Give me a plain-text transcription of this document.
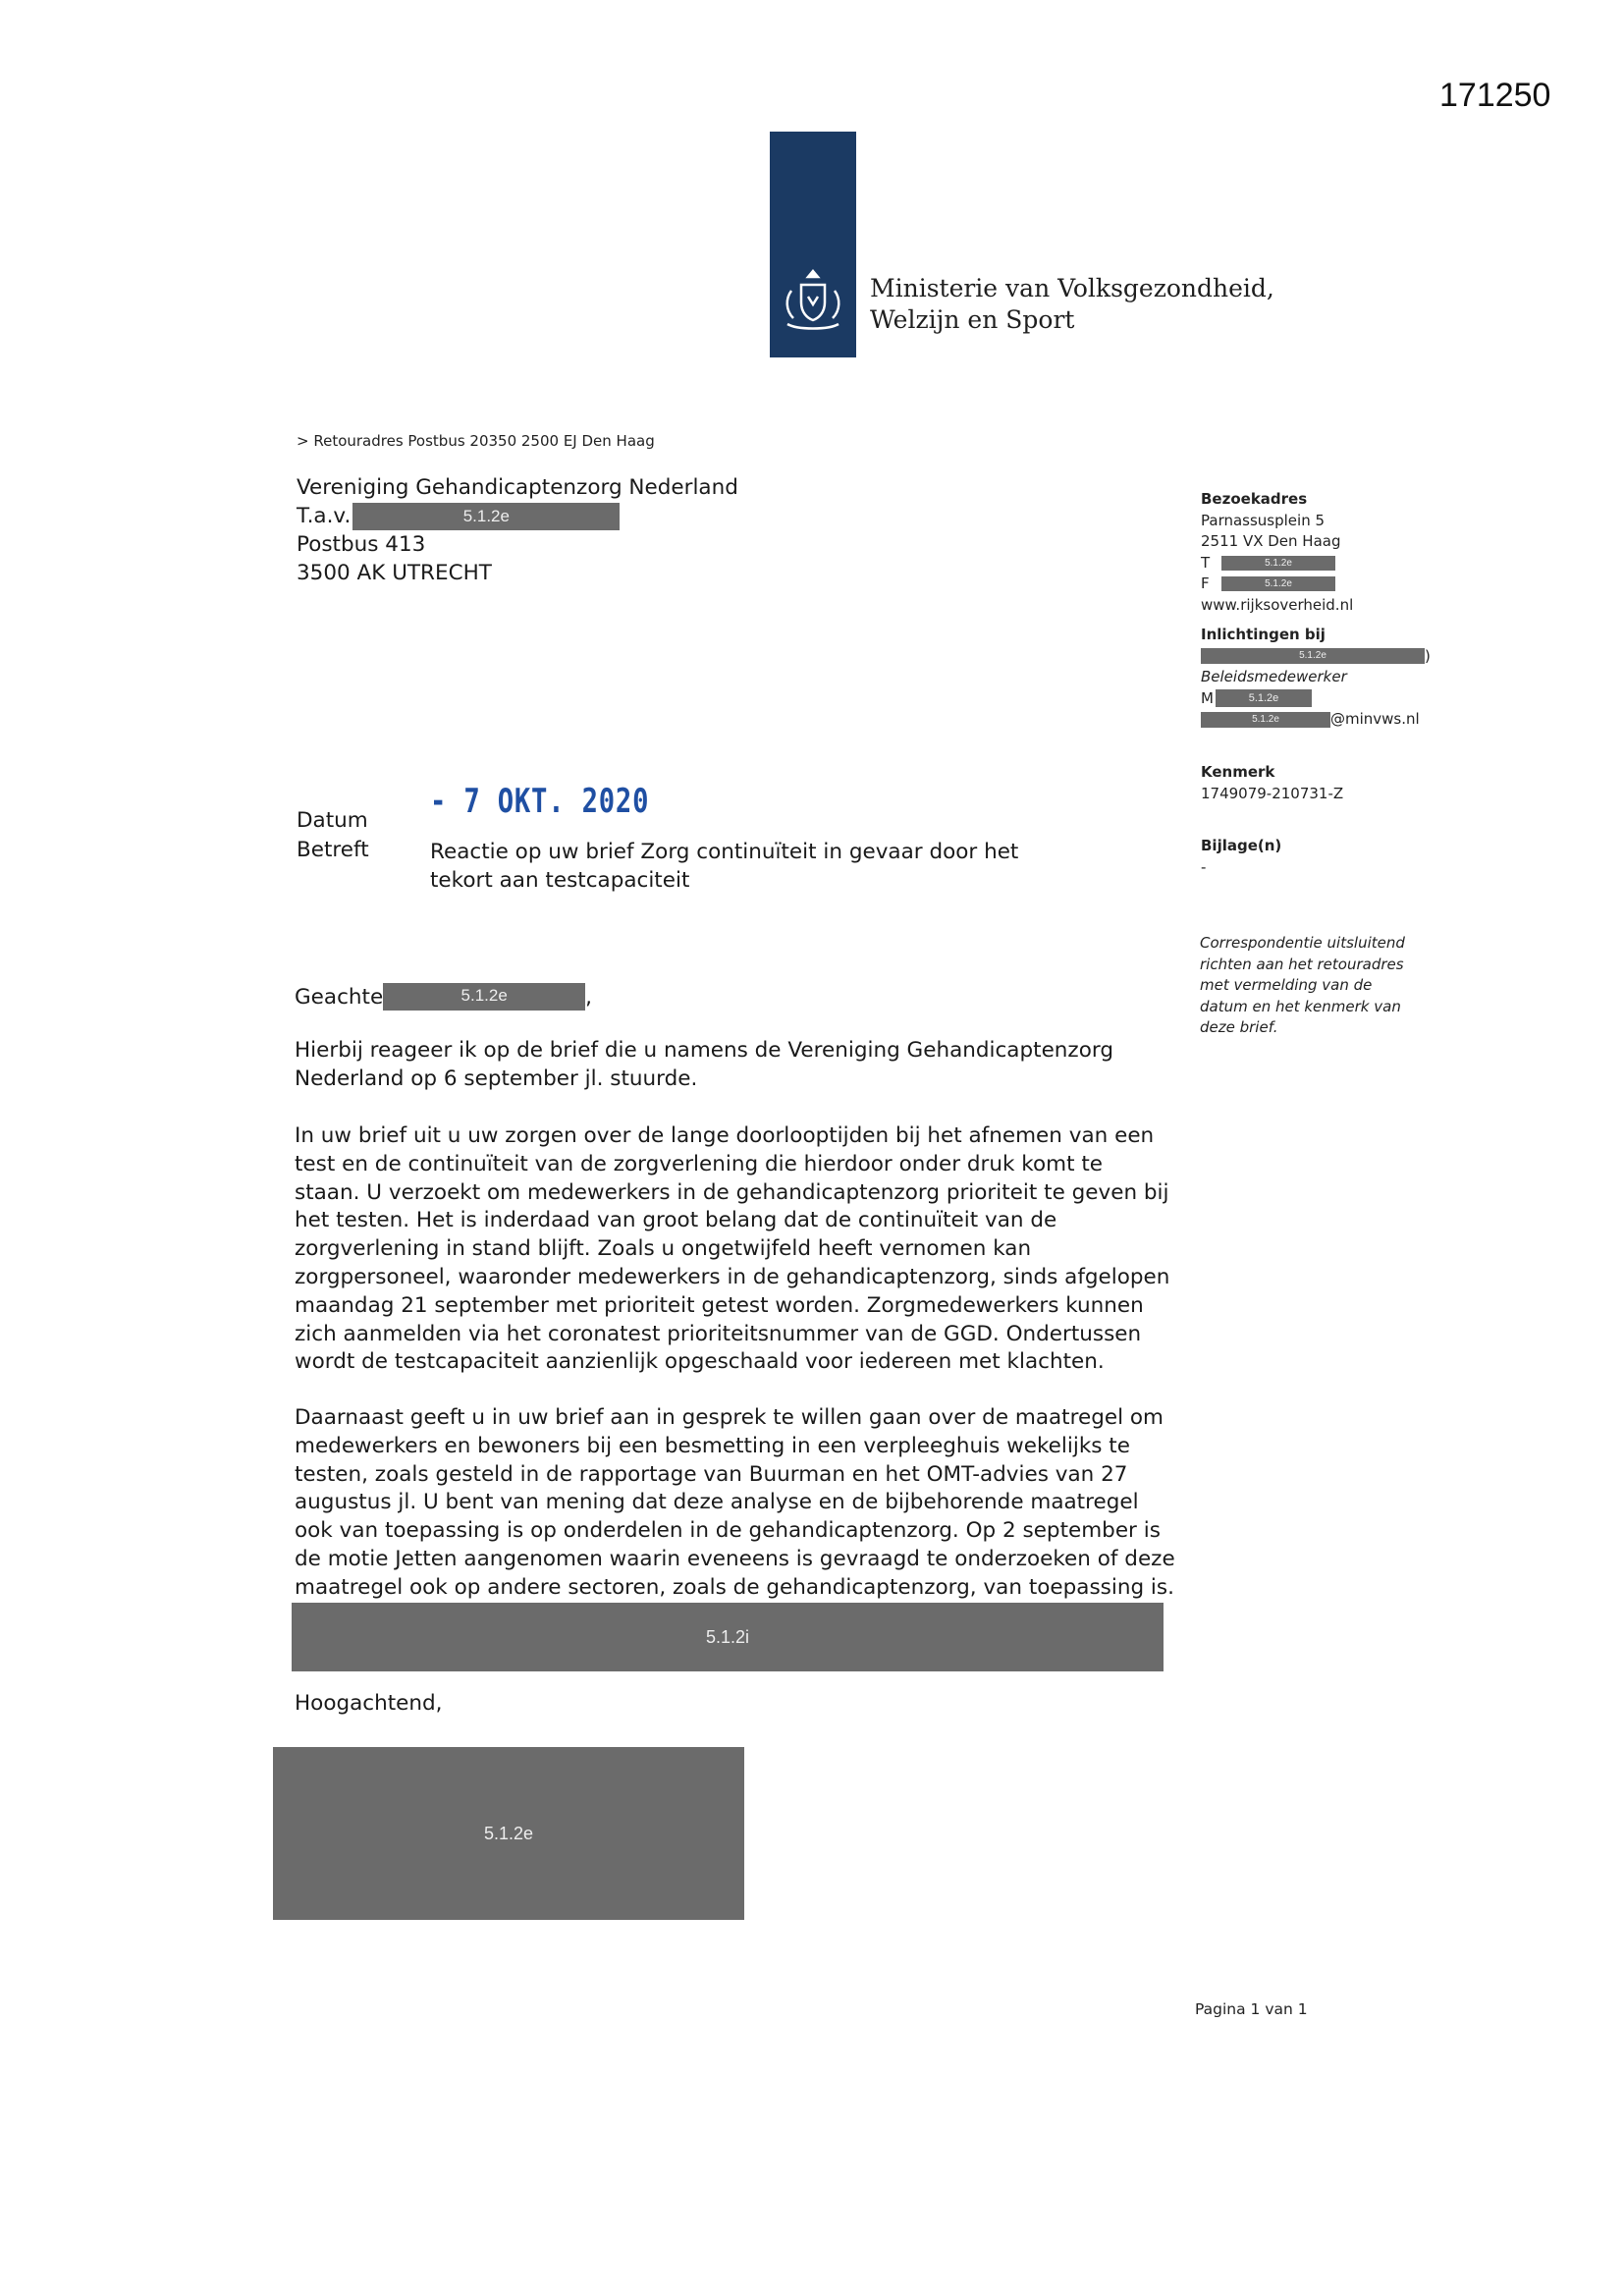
171250
Ministerie van Volksgezondheid,
Welzijn en Sport
> Retouradres Postbus 20350 2500 EJ Den Haag
Vereniging Gehandicaptenzorg Nederland
T.a.v.	5.1.2e
Postbus 413
3500 AK UTRECHT
Bezoekadres
Parnassusplein 5
2511 VX Den Haag
T	5.1.2e
F	5.1.2e
www.rijksoverheid.nl
Inlichtingen bij
5.1.2e	)
Beleidsmedewerker
M	5.1.2e
5.1.2e	@minvws.nl
Kenmerk
1749079-210731-Z
Bijlage(n)
-
Correspondentie uitsluitend
richten aan het retouradres
met vermelding van de
datum en het kenmerk van
deze brief.
Datum - 7 OKT. 2020
Betreft	Reactie op uw brief Zorg continuïteit in gevaar door het
tekort aan testcapaciteit
Geachte	5.1.2e	,
Hierbij reageer ik op de brief die u namens de Vereniging Gehandicaptenzorg
Nederland op 6 september jl. stuurde.
In uw brief uit u uw zorgen over de lange doorlooptijden bij het afnemen van een
test en de continuïteit van de zorgverlening die hierdoor onder druk komt te
staan. U verzoekt om medewerkers in de gehandicaptenzorg prioriteit te geven bij
het testen. Het is inderdaad van groot belang dat de continuïteit van de
zorgverlening in stand blijft. Zoals u ongetwijfeld heeft vernomen kan
zorgpersoneel, waaronder medewerkers in de gehandicaptenzorg, sinds afgelopen
maandag 21 september met prioriteit getest worden. Zorgmedewerkers kunnen
zich aanmelden via het coronatest prioriteitsnummer van de GGD. Ondertussen
wordt de testcapaciteit aanzienlijk opgeschaald voor iedereen met klachten.
Daarnaast geeft u in uw brief aan in gesprek te willen gaan over de maatregel om
medewerkers en bewoners bij een besmetting in een verpleeghuis wekelijks te
testen, zoals gesteld in de rapportage van Buurman en het OMT-advies van 27
augustus jl. U bent van mening dat deze analyse en de bijbehorende maatregel
ook van toepassing is op onderdelen in de gehandicaptenzorg. Op 2 september is
de motie Jetten aangenomen waarin eveneens is gevraagd te onderzoeken of deze
maatregel ook op andere sectoren, zoals de gehandicaptenzorg, van toepassing is.
5.1.2i
Hoogachtend,
5.1.2e
Pagina 1 van 1
